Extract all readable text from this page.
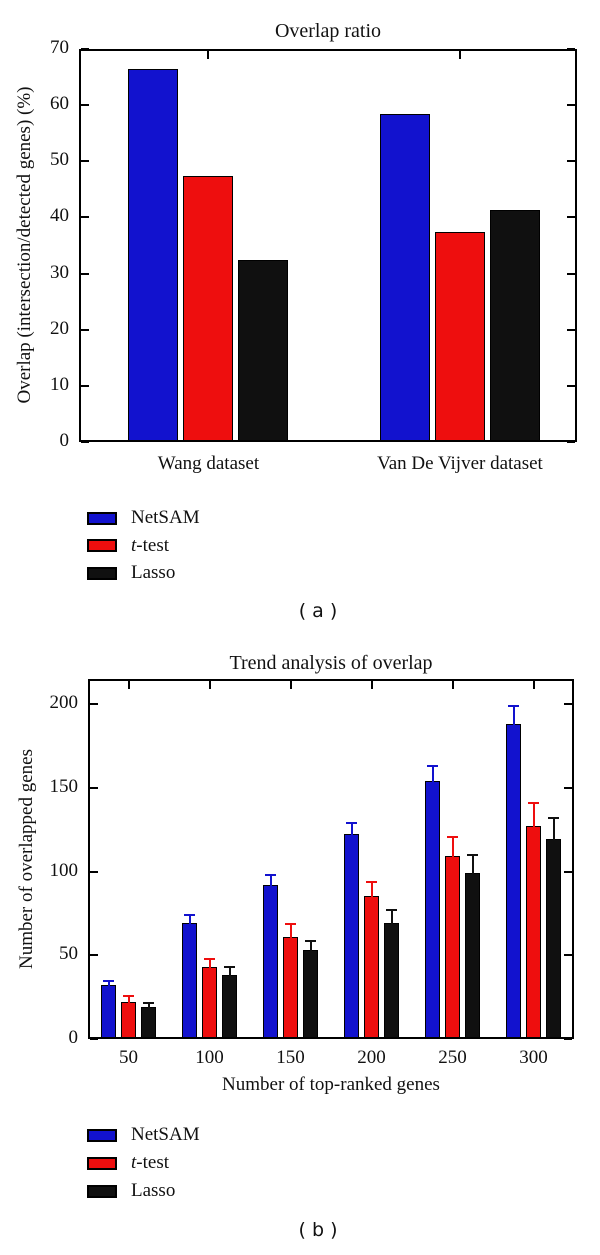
Overlap ratio
Overlap (intersection/detected genes) (%)
( a )
Trend analysis of overlap
Number of overlapped genes
Number of top-ranked genes
( b )
0
10
20
30
40
50
60
70
Wang dataset	Van De Vijver dataset
NetSAM
t-test
Lasso
0
50
100
150
200
50	100	150	200	250	300
NetSAM
t-test
Lasso
